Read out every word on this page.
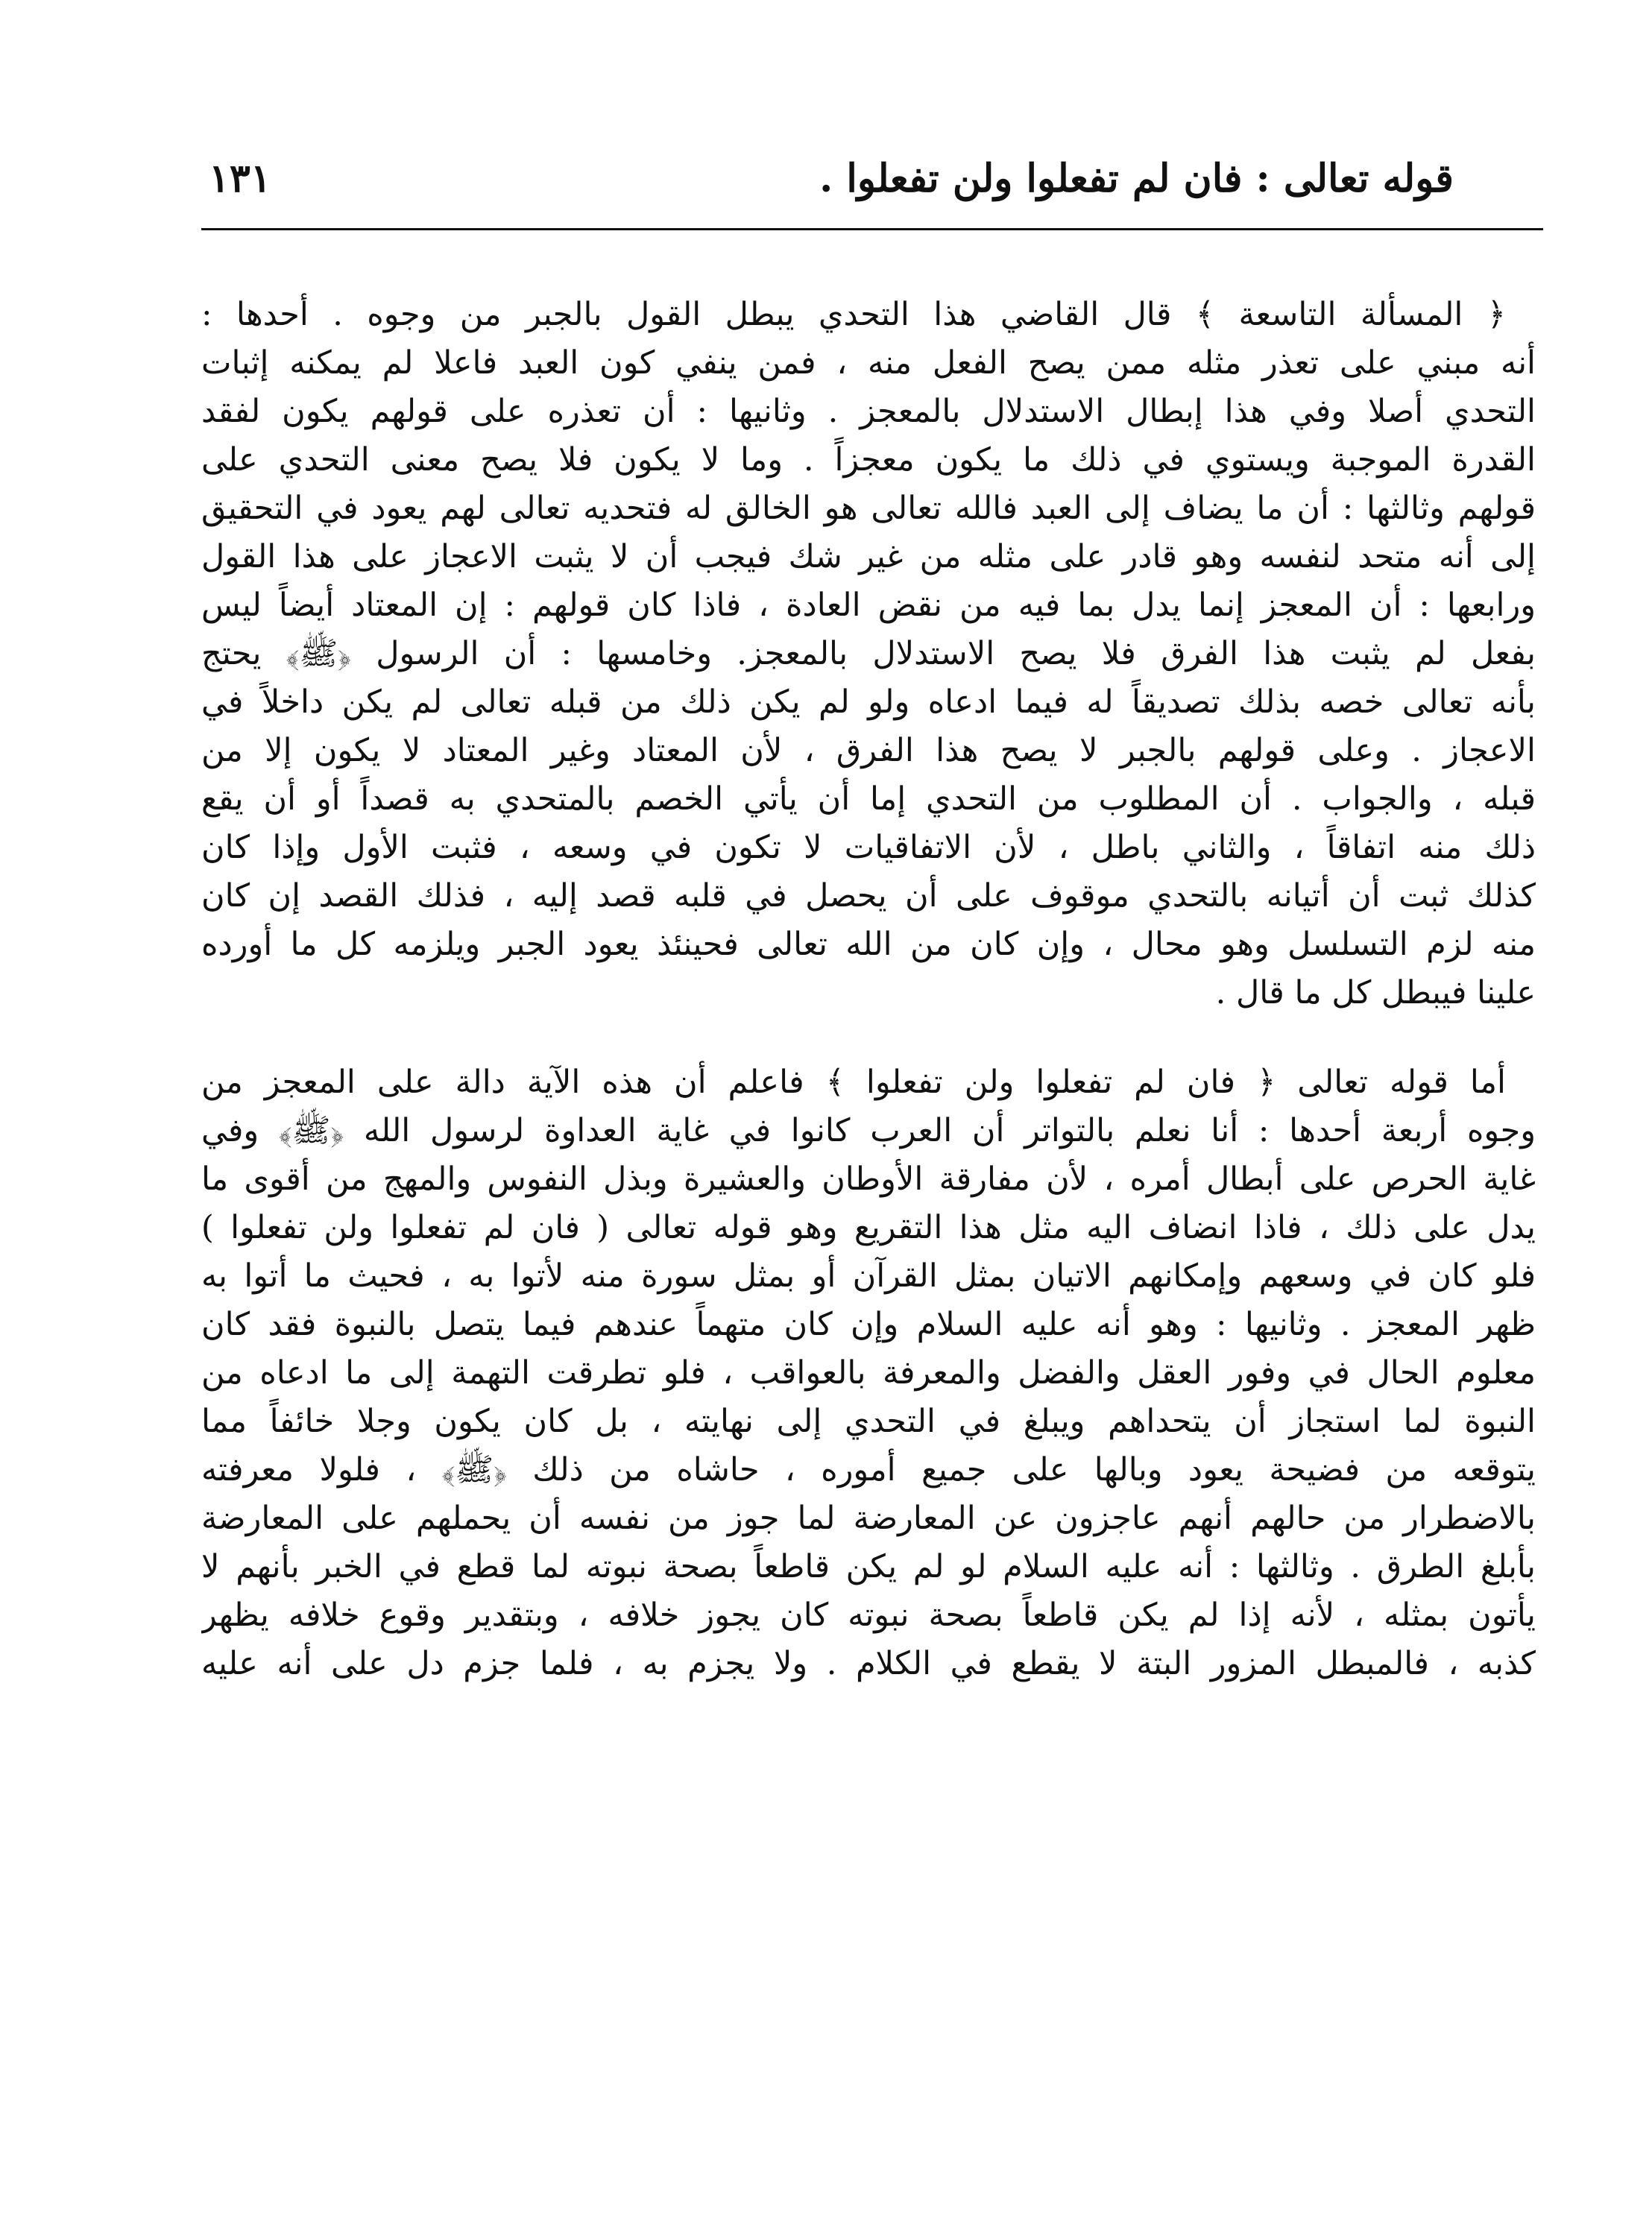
قوله تعالى : فان لم تفعلوا ولن تفعلوا .
١٣١
﴿ المسألة التاسعة ﴾ قال القاضي هذا التحدي يبطل القول بالجبر من وجوه . أحدها :
أنه مبني على تعذر مثله ممن يصح الفعل منه ، فمن ينفي كون العبد فاعلا لم يمكنه إثبات
التحدي أصلا وفي هذا إبطال الاستدلال بالمعجز . وثانيها : أن تعذره على قولهم يكون لفقد
القدرة الموجبة ويستوي في ذلك ما يكون معجزاً . وما لا يكون فلا يصح معنى التحدي على
قولهم وثالثها : أن ما يضاف إلى العبد فالله تعالى هو الخالق له فتحديه تعالى لهم يعود في التحقيق
إلى أنه متحد لنفسه وهو قادر على مثله من غير شك فيجب أن لا يثبت الاعجاز على هذا القول
ورابعها : أن المعجز إنما يدل بما فيه من نقض العادة ، فاذا كان قولهم : إن المعتاد أيضاً ليس
بفعل لم يثبت هذا الفرق فلا يصح الاستدلال بالمعجز. وخامسها : أن الرسول ﴿ﷺ﴾ يحتج
بأنه تعالى خصه بذلك تصديقاً له فيما ادعاه ولو لم يكن ذلك من قبله تعالى لم يكن داخلاً في
الاعجاز . وعلى قولهم بالجبر لا يصح هذا الفرق ، لأن المعتاد وغير المعتاد لا يكون إلا من
قبله ، والجواب . أن المطلوب من التحدي إما أن يأتي الخصم بالمتحدي به قصداً أو أن يقع
ذلك منه اتفاقاً ، والثاني باطل ، لأن الاتفاقيات لا تكون في وسعه ، فثبت الأول وإذا كان
كذلك ثبت أن أتيانه بالتحدي موقوف على أن يحصل في قلبه قصد إليه ، فذلك القصد إن كان
منه لزم التسلسل وهو محال ، وإن كان من الله تعالى فحينئذ يعود الجبر ويلزمه كل ما أورده
علينا فيبطل كل ما قال .
أما قوله تعالى ﴿ فان لم تفعلوا ولن تفعلوا ﴾ فاعلم أن هذه الآية دالة على المعجز من
وجوه أربعة أحدها : أنا نعلم بالتواتر أن العرب كانوا في غاية العداوة لرسول الله ﴿ﷺ﴾ وفي
غاية الحرص على أبطال أمره ، لأن مفارقة الأوطان والعشيرة وبذل النفوس والمهج من أقوى ما
يدل على ذلك ، فاذا انضاف اليه مثل هذا التقريع وهو قوله تعالى ( فان لم تفعلوا ولن تفعلوا )
فلو كان في وسعهم وإمكانهم الاتيان بمثل القرآن أو بمثل سورة منه لأتوا به ، فحيث ما أتوا به
ظهر المعجز . وثانيها : وهو أنه عليه السلام وإن كان متهماً عندهم فيما يتصل بالنبوة فقد كان
معلوم الحال في وفور العقل والفضل والمعرفة بالعواقب ، فلو تطرقت التهمة إلى ما ادعاه من
النبوة لما استجاز أن يتحداهم ويبلغ في التحدي إلى نهايته ، بل كان يكون وجلا خائفاً مما
يتوقعه من فضيحة يعود وبالها على جميع أموره ، حاشاه من ذلك ﴿ﷺ﴾ ، فلولا معرفته
بالاضطرار من حالهم أنهم عاجزون عن المعارضة لما جوز من نفسه أن يحملهم على المعارضة
بأبلغ الطرق . وثالثها : أنه عليه السلام لو لم يكن قاطعاً بصحة نبوته لما قطع في الخبر بأنهم لا
يأتون بمثله ، لأنه إذا لم يكن قاطعاً بصحة نبوته كان يجوز خلافه ، وبتقدير وقوع خلافه يظهر
كذبه ، فالمبطل المزور البتة لا يقطع في الكلام . ولا يجزم به ، فلما جزم دل على أنه عليه
